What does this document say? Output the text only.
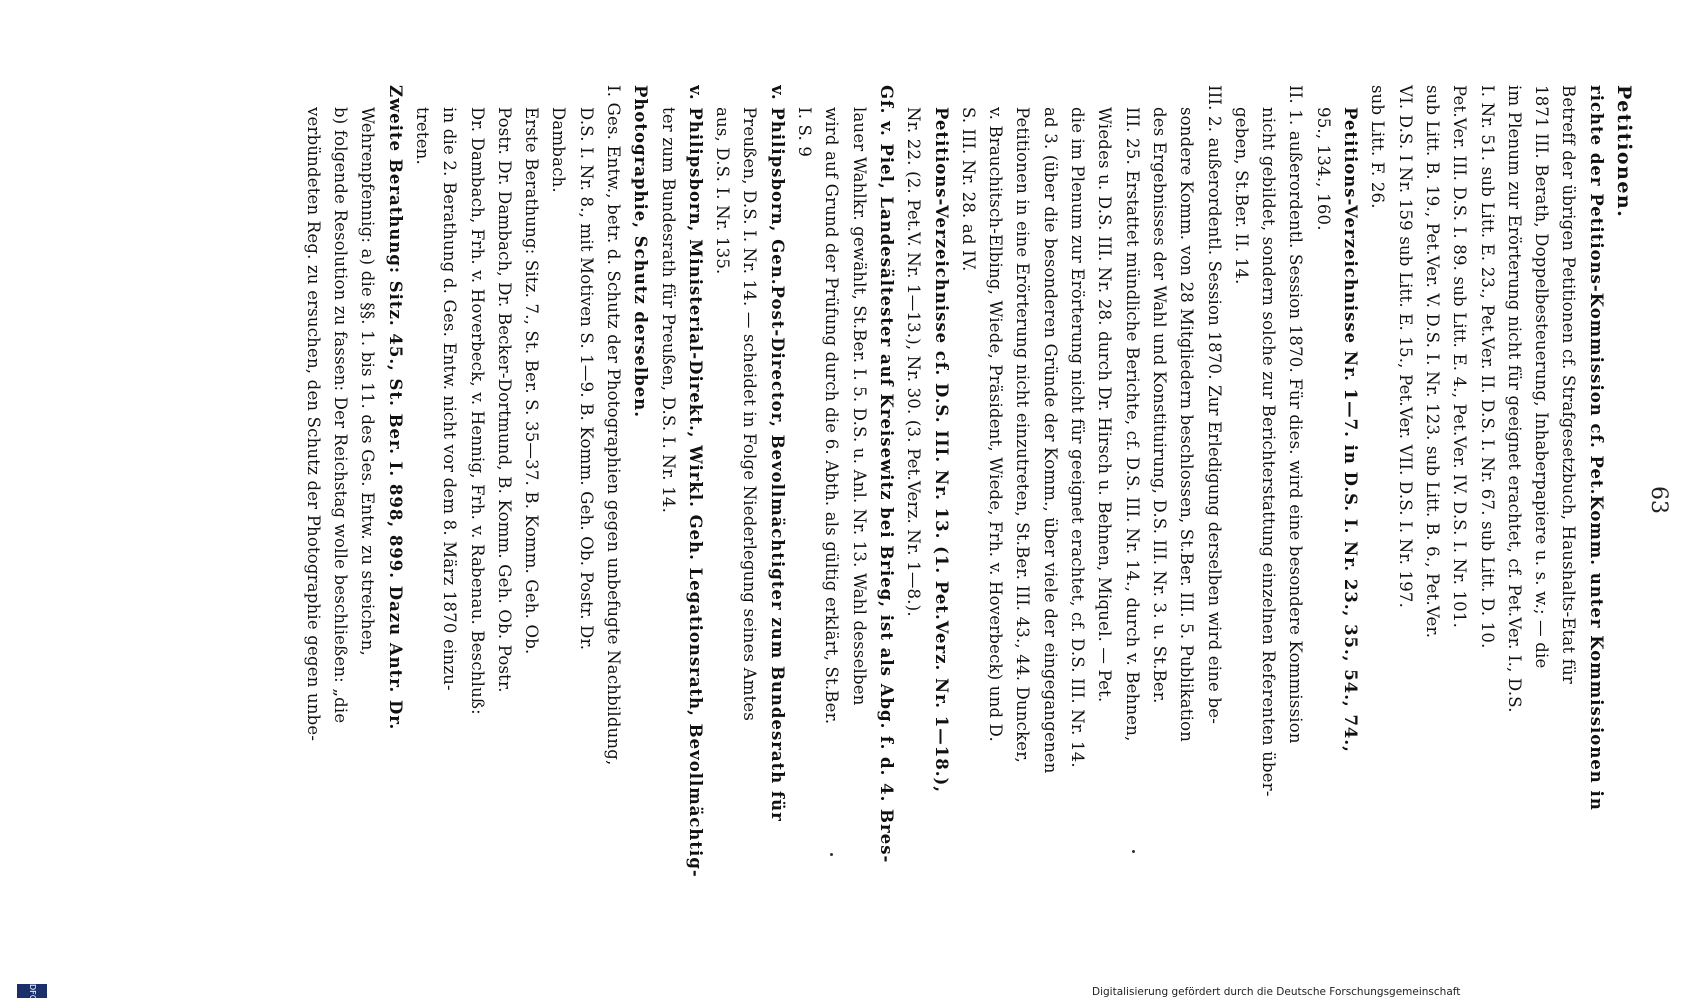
63
Petitionen.
richte der Petitions-Kommission cf. Pet.Komm. unter Kommissionen in
Betreff der übrigen Petitionen cf. Strafgesetzbuch, Haushalts-Etat für
1871 III. Berath, Doppelbesteuerung, Inhaberpapiere u. s. w.; — die
im Plenum zur Erörterung nicht für geeignet erachtet, cf. Pet.Ver. I., D.S.
I. Nr. 51. sub Litt. E. 23., Pet.Ver. II. D.S. I. Nr. 67. sub Litt. D. 10.
Pet.Ver. III. D.S. I. 89. sub Litt. E. 4., Pet.Ver. IV. D.S. I. Nr. 101.
sub Litt. B. 19., Pet.Ver. V. D.S. I. Nr. 123. sub Litt. B. 6., Pet.Ver.
VI. D.S. I Nr. 159 sub Litt. E. 15., Pet.Ver. VII. D.S. I. Nr. 197.
sub Litt. F. 26.
Petitions-Verzeichnisse Nr. 1—7. in D.S. I. Nr. 23., 35., 54., 74.,
95., 134., 160.
II. 1. außerordentl. Session 1870. Für dies. wird eine besondere Kommission
nicht gebildet, sondern solche zur Berichterstattung einzelnen Referenten über-
geben, St.Ber. II. 14.
III. 2. außerordentl. Session 1870. Zur Erledigung derselben wird eine be-
sondere Komm. von 28 Mitgliedern beschlossen, St.Ber. III. 5. Publikation
des Ergebnisses der Wahl und Konstituirung, D.S. III. Nr. 3. u. St.Ber.
III. 25. Erstattet mündliche Berichte, cf. D.S. III. Nr. 14., durch v. Behnen,
Wiedes u. D.S. III. Nr. 28. durch Dr. Hirsch u. Behnen, Miquel. — Pet.
die im Plenum zur Erörterung nicht für geeignet erachtet, cf. D.S. III. Nr. 14.
ad 3. (über die besonderen Gründe der Komm., über viele der eingegangenen
Petitionen in eine Erörterung nicht einzutreten, St.Ber. III. 43., 44. Duncker,
v. Brauchitsch-Elbing, Wiede, Präsident, Wiede, Frh. v. Hoverbeck) und D.
S. III. Nr. 28. ad IV.
Petitions-Verzeichnisse cf. D.S. III. Nr. 13. (1. Pet.Verz. Nr. 1—18.),
Nr. 22. (2. Pet.V. Nr. 1—13.), Nr. 30. (3. Pet.Verz. Nr. 1—8.).
Gf. v. Piel, Landesältester auf Kreisewitz bei Brieg, ist als Abg. f. d. 4. Bres-
lauer Wahlkr. gewählt, St.Ber. I. 5. D.S. u. Anl. Nr. 13. Wahl desselben
wird auf Grund der Prüfung durch die 6. Abth. als gültig erklärt, St.Ber.
I. S. 9
v. Philipsborn, Gen.Post-Director, Bevollmächtigter zum Bundesrath für
Preußen, D.S. I. Nr. 14. — scheidet in Folge Niederlegung seines Amtes
aus, D.S. I. Nr. 135.
v. Philipsborn, Ministerial-Direkt., Wirkl. Geh. Legationsrath, Bevollmächtig-
ter zum Bundesrath für Preußen, D.S. I. Nr. 14.
Photographie, Schutz derselben.
I. Ges. Entw., betr. d. Schutz der Photographien gegen unbefugte Nachbildung,
D.S. I. Nr. 8., mit Motiven S. 1—9. B. Komm. Geh. Ob. Postr. Dr.
Dambach.
Erste Berathung: Sitz. 7., St. Ber. S. 35—37. B. Komm. Geh. Ob.
Postr. Dr. Dambach, Dr. Becker-Dortmund, B. Komm. Geh. Ob. Postr.
Dr. Dambach, Frh. v. Hoverbeck, v. Hennig, Frh. v. Rabenau. Beschluß:
in die 2. Berathung d. Ges. Entw. nicht vor dem 8. März 1870 einzu-
treten.
Zweite Berathung: Sitz. 45., St. Ber. I. 898, 899. Dazu Antr. Dr.
Wehrenpfennig: a) die §§. 1. bis 11. des Ges. Entw. zu streichen,
b) folgende Resolution zu fassen: Der Reichstag wolle beschließen: „die
verbündeten Reg. zu ersuchen, den Schutz der Photographie gegen unbe-
Digitalisierung gefördert durch die Deutsche Forschungsgemeinschaft
DFG
